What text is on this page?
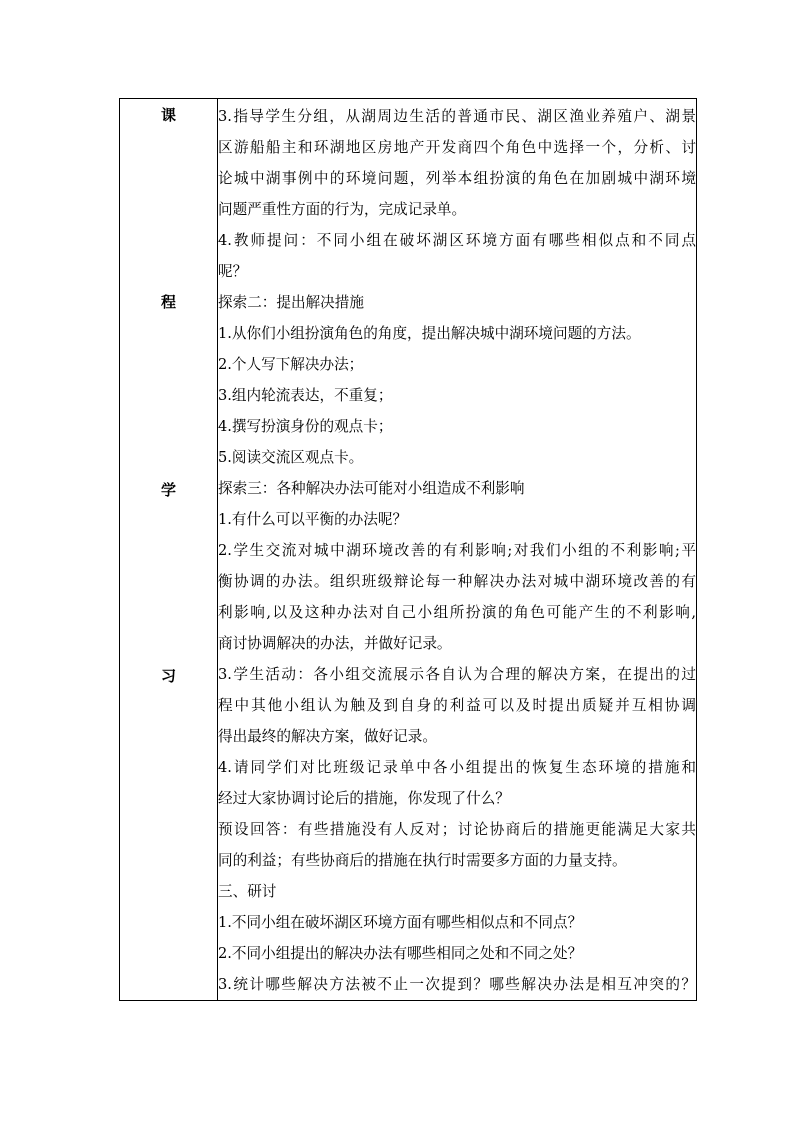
课
程
学
习
3.指导学生分组，从湖周边生活的普通市民、湖区渔业养殖户、湖景
区游船船主和环湖地区房地产开发商四个角色中选择一个，分析、讨
论城中湖事例中的环境问题，列举本组扮演的角色在加剧城中湖环境
问题严重性方面的行为，完成记录单。
4.教师提问：不同小组在破坏湖区环境方面有哪些相似点和不同点
呢？
探索二：提出解决措施
1.从你们小组扮演角色的角度，提出解决城中湖环境问题的方法。
2.个人写下解决办法；
3.组内轮流表达，不重复；
4.撰写扮演身份的观点卡；
5.阅读交流区观点卡。
探索三：各种解决办法可能对小组造成不利影响
1.有什么可以平衡的办法呢？
2.学生交流对城中湖环境改善的有利影响;对我们小组的不利影响;平
衡协调的办法。组织班级辩论每一种解决办法对城中湖环境改善的有
利影响,以及这种办法对自己小组所扮演的角色可能产生的不利影响,
商讨协调解决的办法，并做好记录。
3.学生活动：各小组交流展示各自认为合理的解决方案，在提出的过
程中其他小组认为触及到自身的利益可以及时提出质疑并互相协调
得出最终的解决方案，做好记录。
4.请同学们对比班级记录单中各小组提出的恢复生态环境的措施和
经过大家协调讨论后的措施，你发现了什么？
预设回答：有些措施没有人反对；讨论协商后的措施更能满足大家共
同的利益；有些协商后的措施在执行时需要多方面的力量支持。
三、研讨
1.不同小组在破坏湖区环境方面有哪些相似点和不同点？
2.不同小组提出的解决办法有哪些相同之处和不同之处？
3.统计哪些解决方法被不止一次提到？哪些解决办法是相互冲突的？
